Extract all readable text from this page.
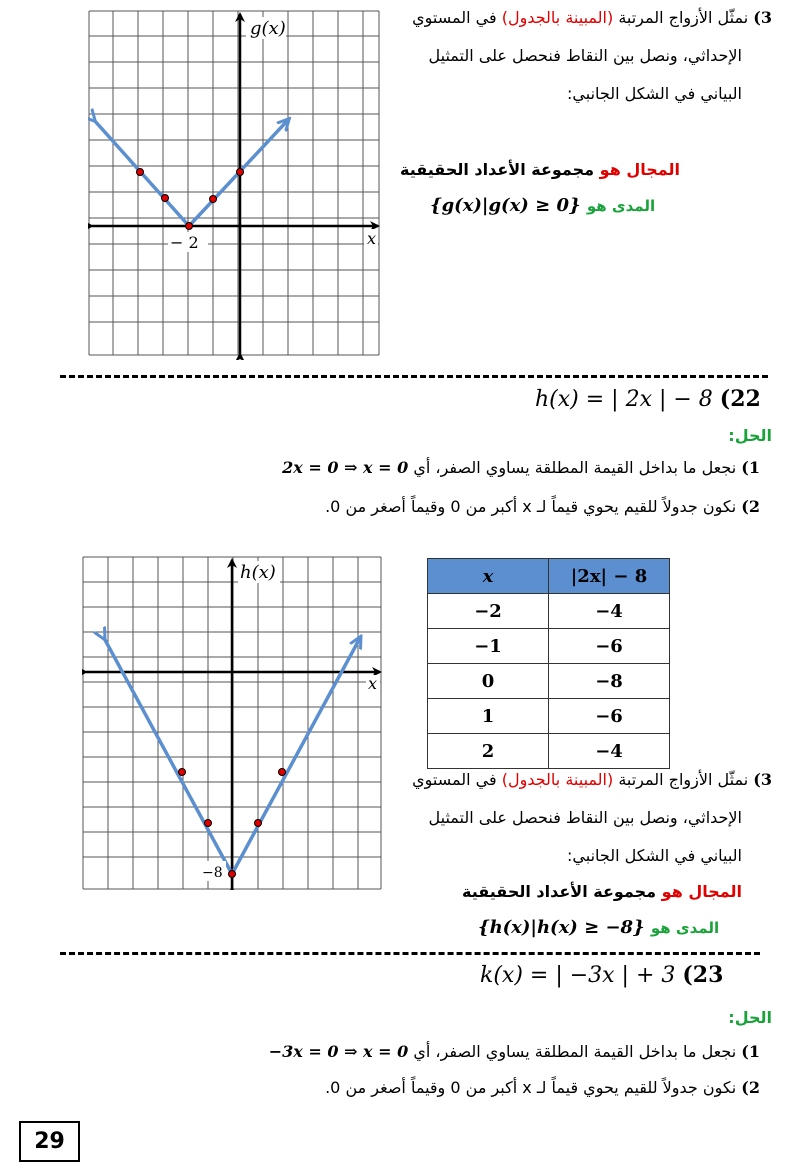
g(x)
x
− 2
3) نمثّل الأزواج المرتبة (المبينة بالجدول) في المستوي
الإحداثي، ونصل بين النقاط فنحصل على التمثيل
البياني في الشكل الجانبي:
المجال هو مجموعة الأعداد الحقيقية
{g(x)|g(x) ≥ 0} المدى هو
h(x) = | 2x | − 8 (22
الحل:
1) نجعل ما بداخل القيمة المطلقة يساوي الصفر، أي 2x = 0 ⇒ x = 0
2) نكون جدولاً للقيم يحوي قيماً لـ x أكبر من 0 وقيماً أصغر من 0.
x	|2x| − 8
−2	−4
−1	−6
0	−8
1	−6
2	−4
h(x)
x
−8
3) نمثّل الأزواج المرتبة (المبينة بالجدول) في المستوي
الإحداثي، ونصل بين النقاط فنحصل على التمثيل
البياني في الشكل الجانبي:
المجال هو مجموعة الأعداد الحقيقية
{h(x)|h(x) ≥ −8} المدى هو
k(x) = | −3x | + 3 (23
الحل:
1) نجعل ما بداخل القيمة المطلقة يساوي الصفر، أي −3x = 0 ⇒ x = 0
2) نكون جدولاً للقيم يحوي قيماً لـ x أكبر من 0 وقيماً أصغر من 0.
29
